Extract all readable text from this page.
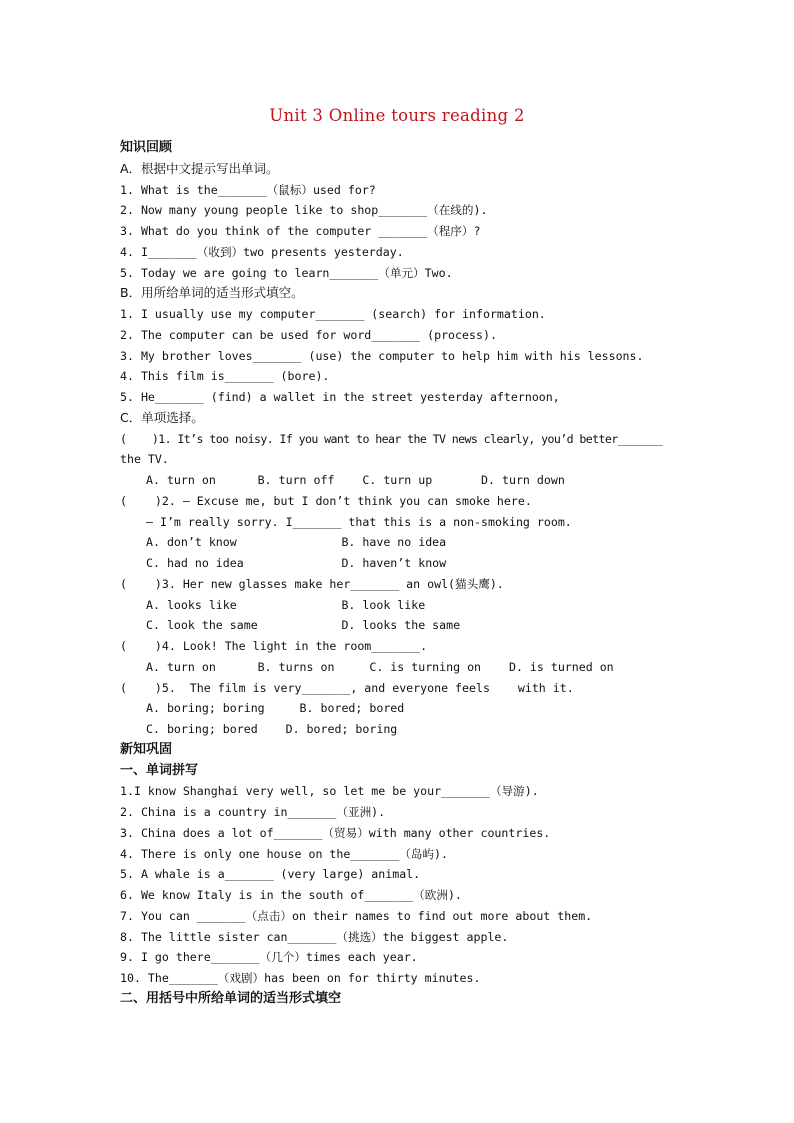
Unit 3 Online tours reading 2
知识回顾
A．根据中文提示写出单词。
1. What is the_______（鼠标）used for?
2. Now many young people like to shop_______（在线的).
3. What do you think of the computer _______（程序）?
4. I_______（收到）two presents yesterday.
5. Today we are going to learn_______（单元）Two.
B．用所给单词的适当形式填空。
1. I usually use my computer_______ (search) for information.
2. The computer can be used for word_______ (process).
3. My brother loves_______ (use) the computer to help him with his lessons.
4. This film is_______ (bore).
5. He_______ (find) a wallet in the street yesterday afternoon,
C．单项选择。
(    )1. It’s too noisy. If you want to hear the TV news clearly, you’d better_______
the TV.
A. turn on      B. turn off    C. turn up       D. turn down
(    )2. – Excuse me, but I don’t think you can smoke here.
– I’m really sorry. I_______ that this is a non-smoking room.
A. don’t know               B. have no idea
C. had no idea              D. haven’t know
(    )3. Her new glasses make her_______ an owl(猫头鹰).
A. looks like               B. look like
C. look the same            D. looks the same
(    )4. Look! The light in the room_______.
A. turn on      B. turns on     C. is turning on    D. is turned on
(    )5.  The film is very_______, and everyone feels    with it.
A. boring; boring     B. bored; bored
C. boring; bored    D. bored; boring
新知巩固
一、单词拼写
1.I know Shanghai very well, so let me be your_______（导游).
2. China is a country in_______（亚洲).
3. China does a lot of_______（贸易）with many other countries.
4. There is only one house on the_______（岛屿).
5. A whale is a_______ (very large) animal.
6. We know Italy is in the south of_______（欧洲).
7. You can _______（点击）on their names to find out more about them.
8. The little sister can_______（挑选）the biggest apple.
9. I go there_______（几个）times each year.
10. The_______（戏剧）has been on for thirty minutes.
二、用括号中所给单词的适当形式填空
